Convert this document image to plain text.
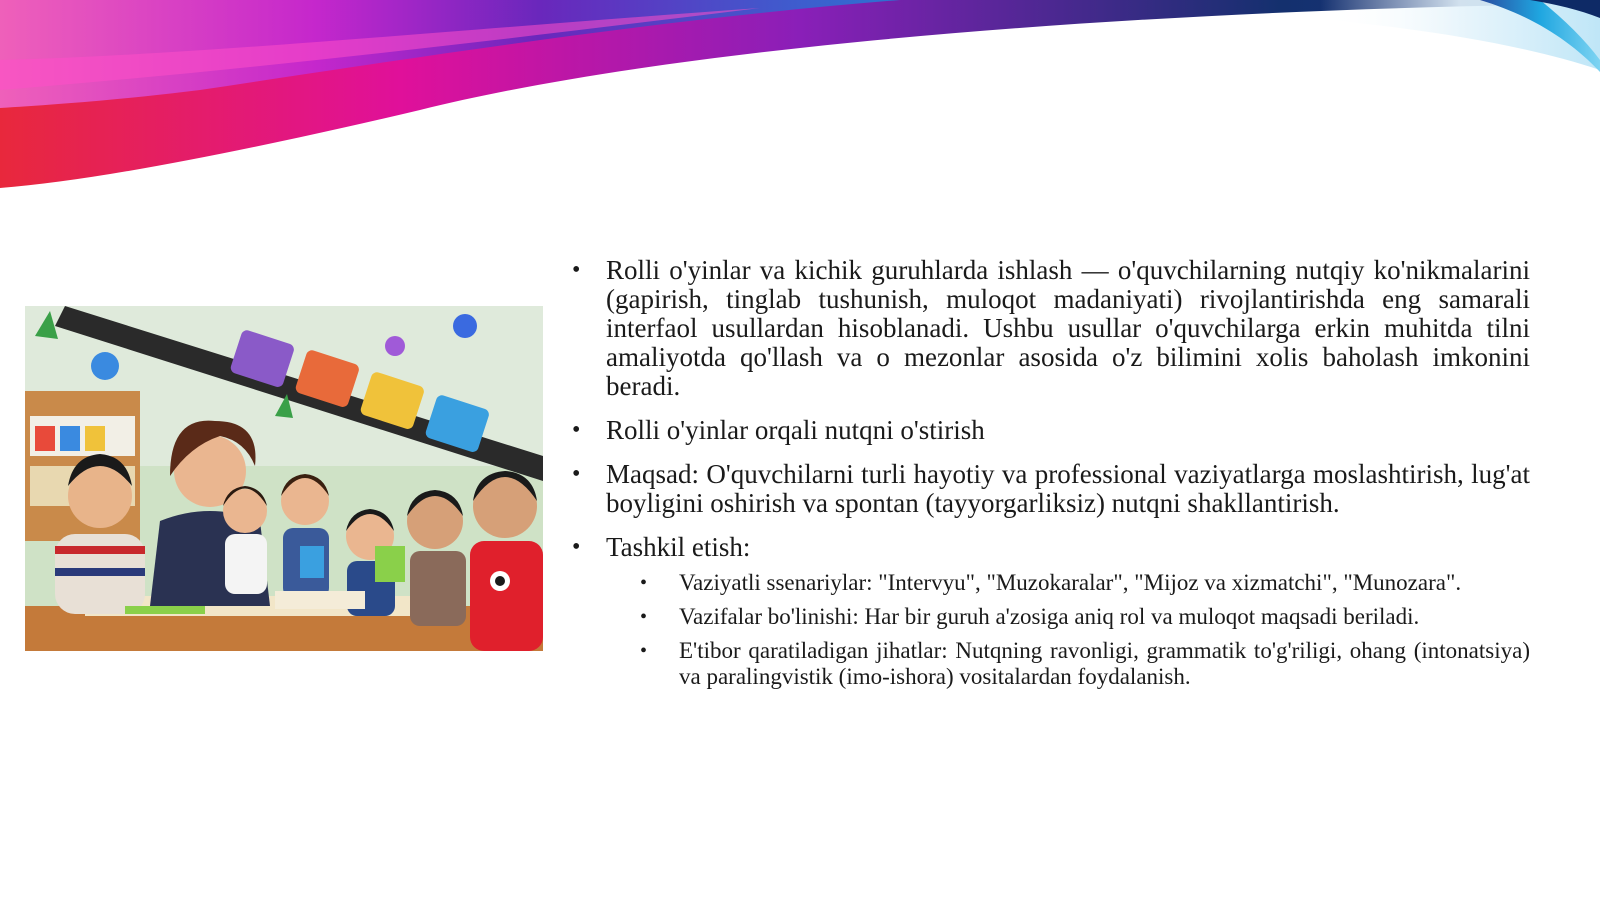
• Rolli o'yinlar va kichik guruhlarda ishlash — o'quvchilarning nutqiy ko'nikmalarini (gapirish, tinglab tushunish, muloqot madaniyati) rivojlantirishda eng samarali interfaol usullardan hisoblanadi. Ushbu usullar o'quvchilarga erkin muhitda tilni amaliyotda qo'llash va o mezonlar asosida o'z bilimini xolis baholash imkonini beradi.
• Rolli o'yinlar orqali nutqni o'stirish
• Maqsad: O'quvchilarni turli hayotiy va professional vaziyatlarga moslashtirish, lug'at boyligini oshirish va spontan (tayyorgarliksiz) nutqni shakllantirish.
• Tashkil etish:
• Vaziyatli ssenariylar: "Intervyu", "Muzokaralar", "Mijoz va xizmatchi", "Munozara".
• Vazifalar bo'linishi: Har bir guruh a'zosiga aniq rol va muloqot maqsadi beriladi.
• E'tibor qaratiladigan jihatlar: Nutqning ravonligi, grammatik to'g'riligi, ohang (intonatsiya) va paralingvistik (imo-ishora) vositalardan foydalanish.
